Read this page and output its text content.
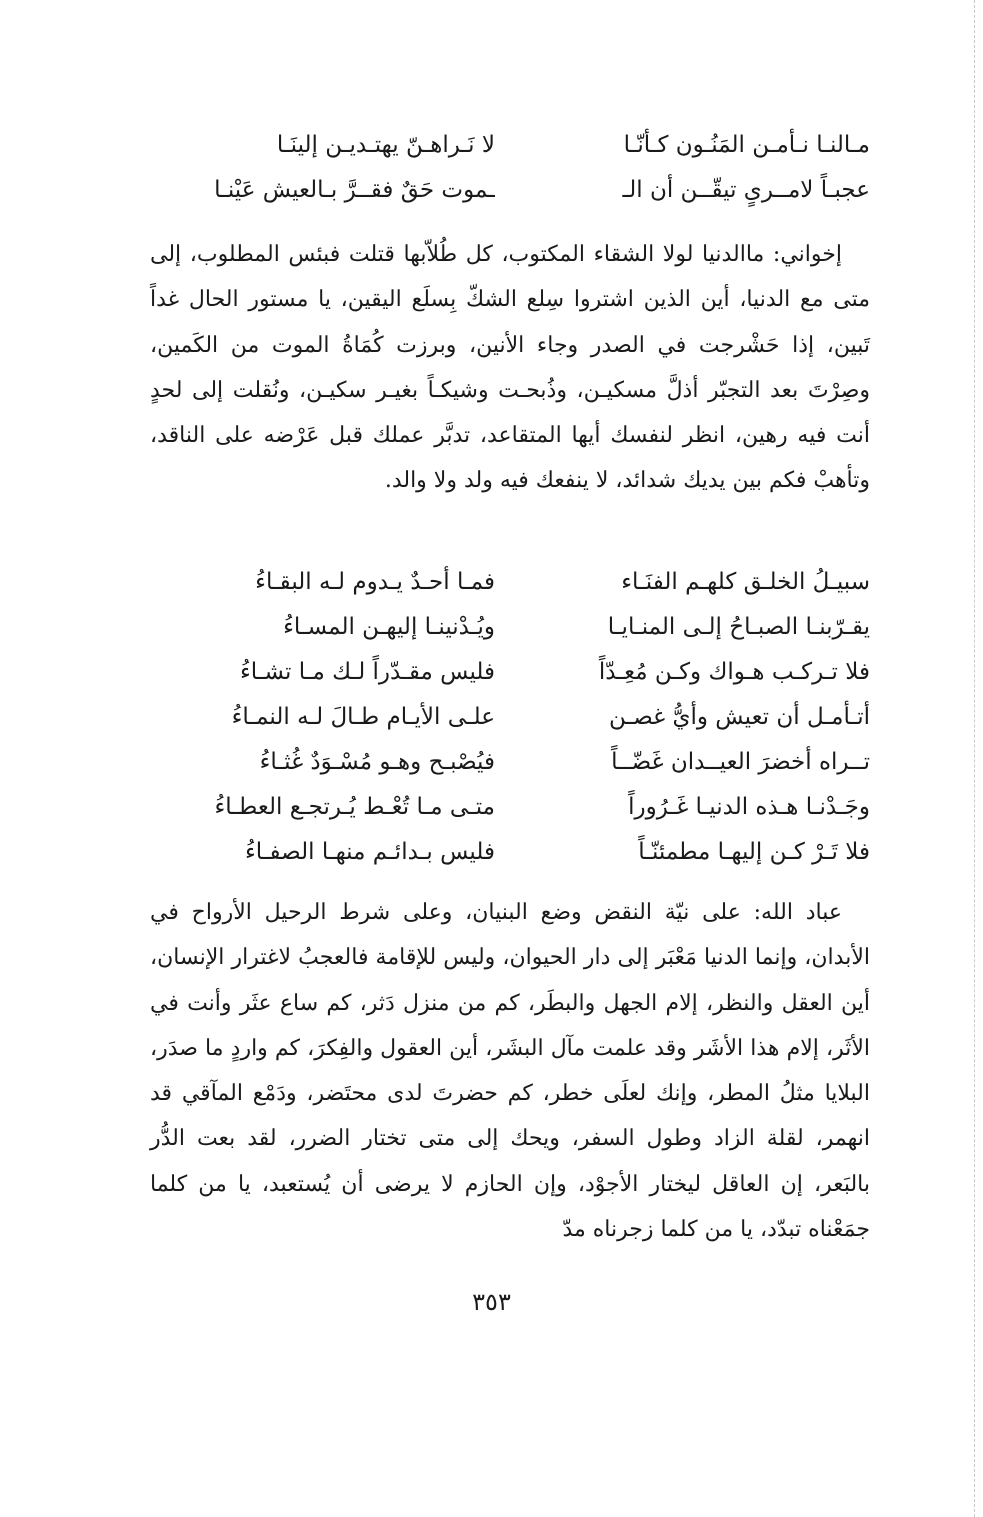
مـالنـا نـأمـن المَنُـون كـأنّـا
لا نَـراهـنّ يهتـديـن إلينَـا
عجبـاً لامــرىٍ تيقّــن أن الـ
ـموت حَقٌ فقــرَّ بـالعيش عَيْنـا

إخواني: ماالدنيا لولا الشقاء المكتوب، كل طُلاّبها قتلت فبئس المطلوب، إلى متى مع الدنيا، أين الذين اشتروا سِلع الشكّ بِسلَع اليقين، يا مستور الحال غداً تَبين، إذا حَشْرجت في الصدر وجاء الأنين، وبرزت كُمَاةُ الموت من الكَمين، وصِرْتَ بعد التجبّر أذلَّ مسكيـن، وذُبحـت وشيكـاً بغيـر سكيـن، ونُقلت إلى لحدٍ أنت فيه رهين، انظر لنفسك أيها المتقاعد، تدبَّر عملك قبل عَرْضه على الناقد، وتأهبْ فكم بين يديك شدائد، لا ينفعك فيه ولد ولا والد.

سبيـلُ الخلـق كلهـم الفنَـاء
فمـا أحـدٌ يـدوم لـه البقـاءُ
يقـرّبنـا الصبـاحُ إلـى المنـايـا
ويُـدْنينـا إليهـن المسـاءُ
فلا تـركـب هـواك وكـن مُعِـدّاً
فليس مقـدّراً لـك مـا تشـاءُ
أتـأمـل أن تعيش وأيُّ غصـن
علـى الأيـام طـالَ لـه النمـاءُ
تــراه أخضرَ العيــدان غَضّــاً
فيُصْبـح وهـو مُسْـوَدٌ غُثـاءُ
وجَـدْنـا هـذه الدنيـا غَـرُوراً
متـى مـا تُعْـط يُـرتجـع العطـاءُ
فلا تَـرْ كـن إليهـا مطمئنّـاً
فليس بـدائـم منهـا الصفـاءُ

عباد الله: على نيّة النقض وضع البنيان، وعلى شرط الرحيل الأرواح في الأبدان، وإنما الدنيا مَعْبَر إلى دار الحيوان، وليس للإقامة فالعجبُ لاغترار الإنسان، أين العقل والنظر، إلام الجهل والبطَر، كم من منزل دَثر، كم ساع عثَر وأنت في الأثَر، إلام هذا الأشَر وقد علمت مآل البشَر، أين العقول والفِكرَ، كم واردٍ ما صدَر، البلايا مثلُ المطر، وإنك لعلَى خطر، كم حضرتَ لدى محتَضر، ودَمْع المآقي قد انهمر، لقلة الزاد وطول السفر، ويحك إلى متى تختار الضرر، لقد بعت الدُّر بالبَعر، إن العاقل ليختار الأجوْد، وإن الحازم لا يرضى أن يُستعبد، يا من كلما جمَعْناه تبدّد، يا من كلما زجرناه مدّ

٣٥٣
